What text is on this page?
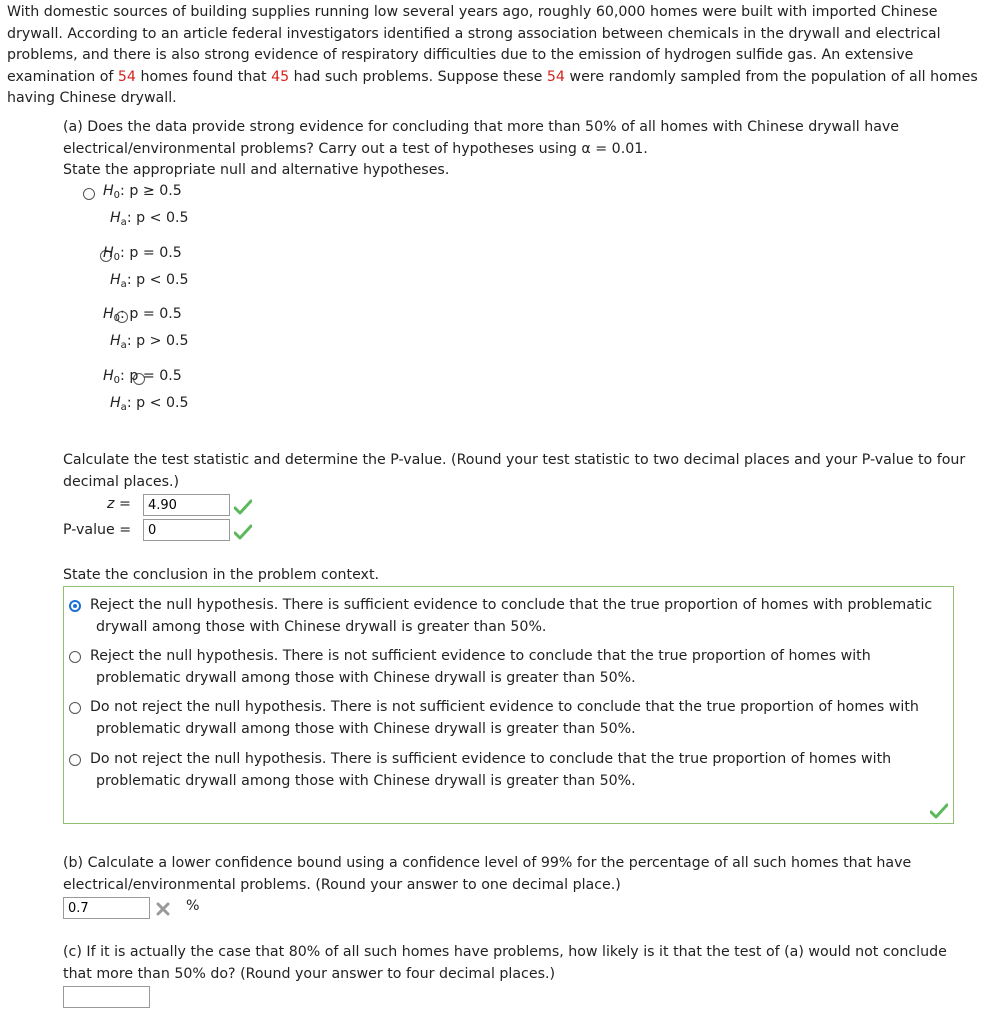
With domestic sources of building supplies running low several years ago, roughly 60,000 homes were built with imported Chinese
drywall. According to an article federal investigators identified a strong association between chemicals in the drywall and electrical
problems, and there is also strong evidence of respiratory difficulties due to the emission of hydrogen sulfide gas. An extensive
examination of 54 homes found that 45 had such problems. Suppose these 54 were randomly sampled from the population of all homes
having Chinese drywall.
(a) Does the data provide strong evidence for concluding that more than 50% of all homes with Chinese drywall have
electrical/environmental problems? Carry out a test of hypotheses using α = 0.01.
State the appropriate null and alternative hypotheses.

$H_0$: p ≥ 0.5
$H_a$: p < 0.5

$H_0$: p = 0.5
$H_a$: p < 0.5

$H_0$: p = 0.5
$H_a$: p > 0.5
$H_0$: p = 0.5
$H_a$: p < 0.5
Calculate the test statistic and determine the P-value. (Round your test statistic to two decimal places and your P-value to four
decimal places.)
z =
4.90
P-value =
0
State the conclusion in the problem context.
Reject the null hypothesis. There is sufficient evidence to conclude that the true proportion of homes with problematic
drywall among those with Chinese drywall is greater than 50%.
Reject the null hypothesis. There is not sufficient evidence to conclude that the true proportion of homes with
problematic drywall among those with Chinese drywall is greater than 50%.
Do not reject the null hypothesis. There is not sufficient evidence to conclude that the true proportion of homes with
problematic drywall among those with Chinese drywall is greater than 50%.
Do not reject the null hypothesis. There is sufficient evidence to conclude that the true proportion of homes with
problematic drywall among those with Chinese drywall is greater than 50%.
(b) Calculate a lower confidence bound using a confidence level of 99% for the percentage of all such homes that have
electrical/environmental problems. (Round your answer to one decimal place.)
0.7
%
(c) If it is actually the case that 80% of all such homes have problems, how likely is it that the test of (a) would not conclude
that more than 50% do? (Round your answer to four decimal places.)
